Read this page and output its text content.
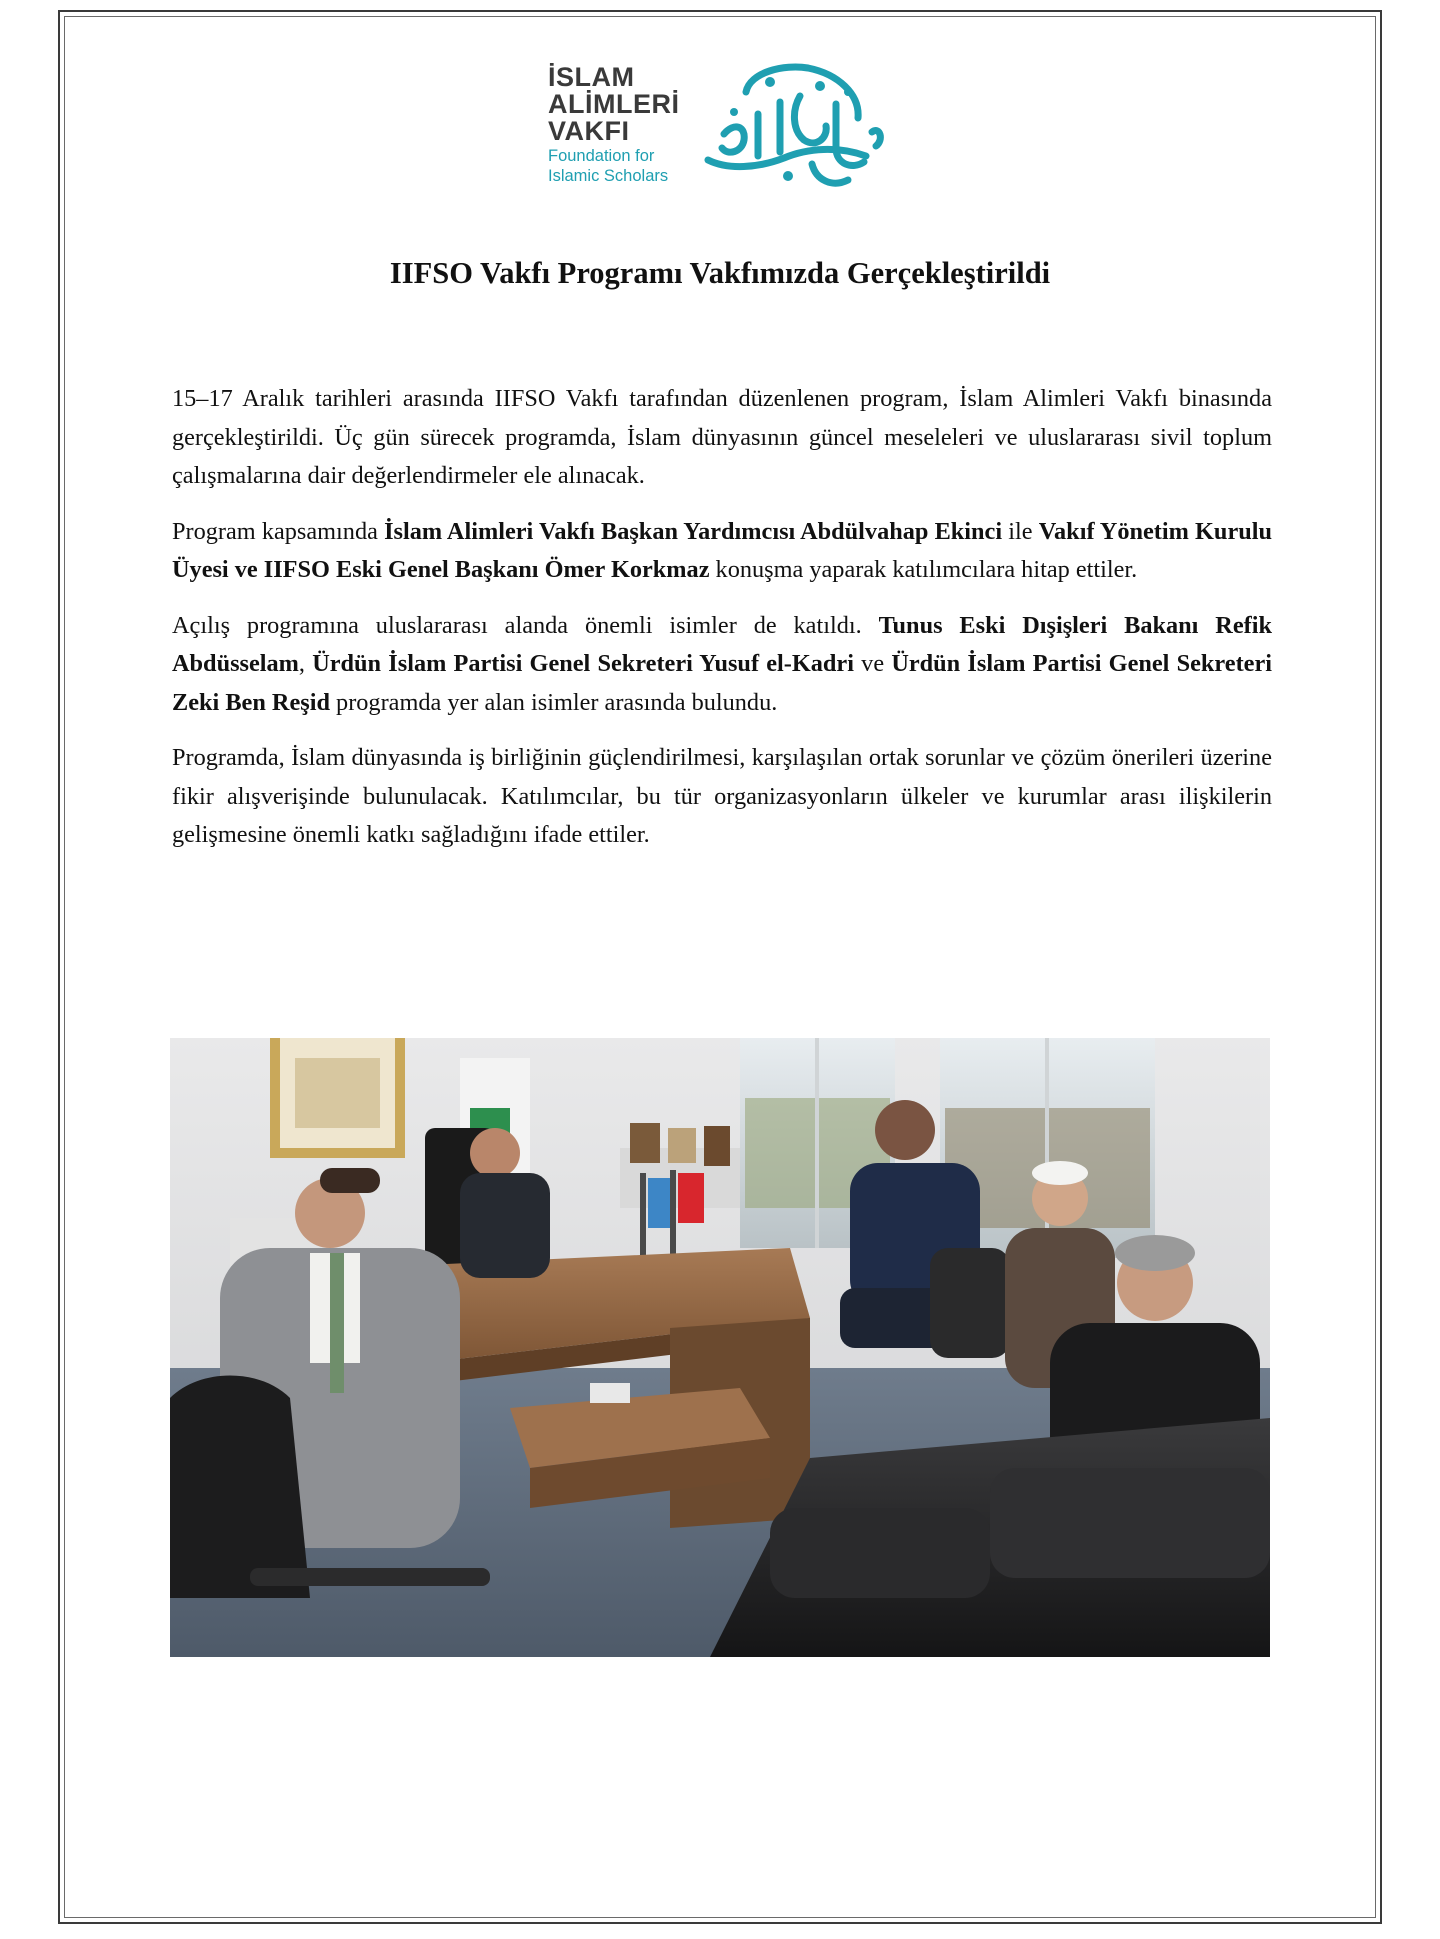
İSLAM
ALİMLERİ
VAKFI
Foundation for
Islamic Scholars
IIFSO Vakfı Programı Vakfımızda Gerçekleştirildi

15–17 Aralık tarihleri arasında IIFSO Vakfı tarafından düzenlenen program, İslam Alimleri Vakfı binasında gerçekleştirildi. Üç gün sürecek programda, İslam dünyasının güncel meseleleri ve uluslararası sivil toplum çalışmalarına dair değerlendirmeler ele alınacak.

Program kapsamında İslam Alimleri Vakfı Başkan Yardımcısı Abdülvahap Ekinci ile Vakıf Yönetim Kurulu Üyesi ve IIFSO Eski Genel Başkanı Ömer Korkmaz konuşma yaparak katılımcılara hitap ettiler.

Açılış programına uluslararası alanda önemli isimler de katıldı. Tunus Eski Dışişleri Bakanı Refik Abdüsselam, Ürdün İslam Partisi Genel Sekreteri Yusuf el-Kadri ve Ürdün İslam Partisi Genel Sekreteri Zeki Ben Reşid programda yer alan isimler arasında bulundu.

Programda, İslam dünyasında iş birliğinin güçlendirilmesi, karşılaşılan ortak sorunlar ve çözüm önerileri üzerine fikir alışverişinde bulunulacak. Katılımcılar, bu tür organizasyonların ülkeler ve kurumlar arası ilişkilerin gelişmesine önemli katkı sağladığını ifade ettiler.
